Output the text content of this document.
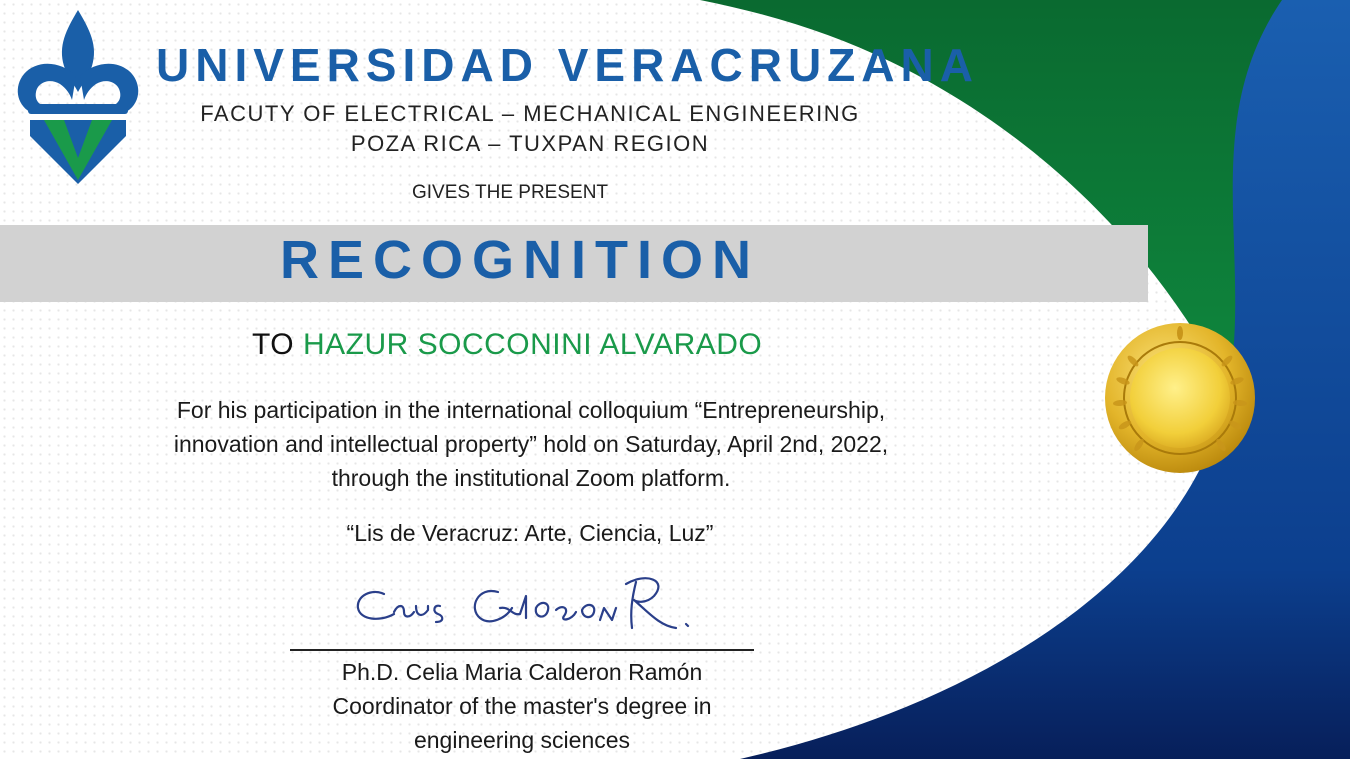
UNIVERSIDAD VERACRUZANA
FACUTY OF ELECTRICAL – MECHANICAL ENGINEERING
POZA RICA – TUXPAN REGION
GIVES THE PRESENT
RECOGNITION
TO HAZUR SOCCONINI ALVARADO
For his participation in the international colloquium “Entrepreneurship,
innovation and intellectual property” hold on Saturday, April 2nd, 2022,
through the institutional Zoom platform.
“Lis de Veracruz: Arte, Ciencia, Luz”
Ph.D. Celia Maria Calderon Ramón
Coordinator of the master's degree in
engineering sciences
